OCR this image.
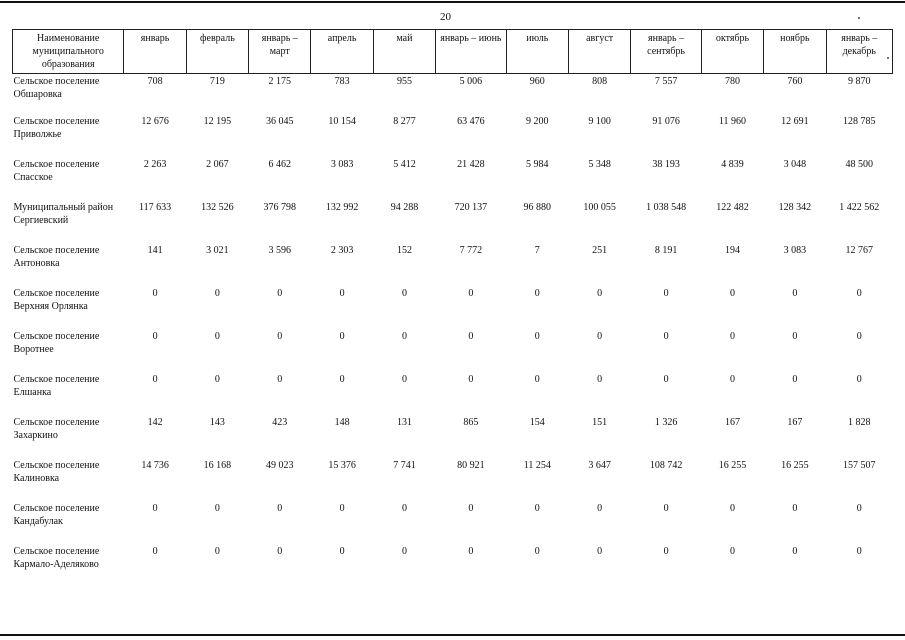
20
Наименование муниципального образования	январь	февраль	январь – март	апрель	май	январь – июнь	июль	август	январь – сентябрь	октябрь	ноябрь	январь – декабрь
Сельское поселение Обшаровка	708	719	2 175	783	955	5 006	960	808	7 557	780	760	9 870
Сельское поселение Приволжье	12 676	12 195	36 045	10 154	8 277	63 476	9 200	9 100	91 076	11 960	12 691	128 785
Сельское поселение Спасское	2 263	2 067	6 462	3 083	5 412	21 428	5 984	5 348	38 193	4 839	3 048	48 500
Муниципальный район Сергиевский	117 633	132 526	376 798	132 992	94 288	720 137	96 880	100 055	1 038 548	122 482	128 342	1 422 562
Сельское поселение Антоновка	141	3 021	3 596	2 303	152	7 772	7	251	8 191	194	3 083	12 767
Сельское поселение Верхняя Орлянка	0	0	0	0	0	0	0	0	0	0	0	0
Сельское поселение Воротнее	0	0	0	0	0	0	0	0	0	0	0	0
Сельское поселение Елшанка	0	0	0	0	0	0	0	0	0	0	0	0
Сельское поселение Захаркино	142	143	423	148	131	865	154	151	1 326	167	167	1 828
Сельское поселение Калиновка	14 736	16 168	49 023	15 376	7 741	80 921	11 254	3 647	108 742	16 255	16 255	157 507
Сельское поселение Кандабулак	0	0	0	0	0	0	0	0	0	0	0	0
Сельское поселение Кармало-Аделяково	0	0	0	0	0	0	0	0	0	0	0	0
